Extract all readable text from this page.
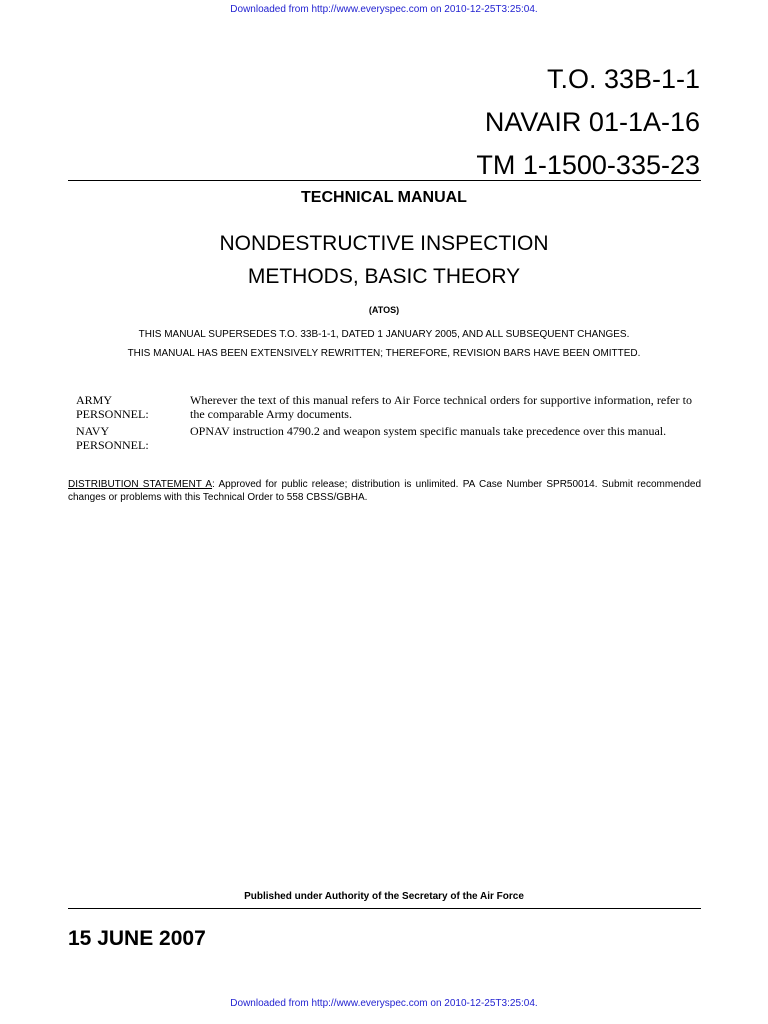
Downloaded from http://www.everyspec.com on 2010-12-25T3:25:04.
T.O. 33B-1-1
NAVAIR 01-1A-16
TM 1-1500-335-23
TECHNICAL MANUAL
NONDESTRUCTIVE INSPECTION
METHODS, BASIC THEORY
(ATOS)
THIS MANUAL SUPERSEDES T.O. 33B-1-1, DATED 1 JANUARY 2005, AND ALL SUBSEQUENT CHANGES.
THIS MANUAL HAS BEEN EXTENSIVELY REWRITTEN; THEREFORE, REVISION BARS HAVE BEEN OMITTED.
ARMY
PERSONNEL:
Wherever the text of this manual refers to Air Force technical orders for supportive information, refer to the comparable Army documents.
NAVY
PERSONNEL:
OPNAV instruction 4790.2 and weapon system specific manuals take precedence over this manual.
DISTRIBUTION STATEMENT A: Approved for public release; distribution is unlimited. PA Case Number SPR50014. Submit recommended changes or problems with this Technical Order to 558 CBSS/GBHA.
Published under Authority of the Secretary of the Air Force
15 JUNE 2007
Downloaded from http://www.everyspec.com on 2010-12-25T3:25:04.
